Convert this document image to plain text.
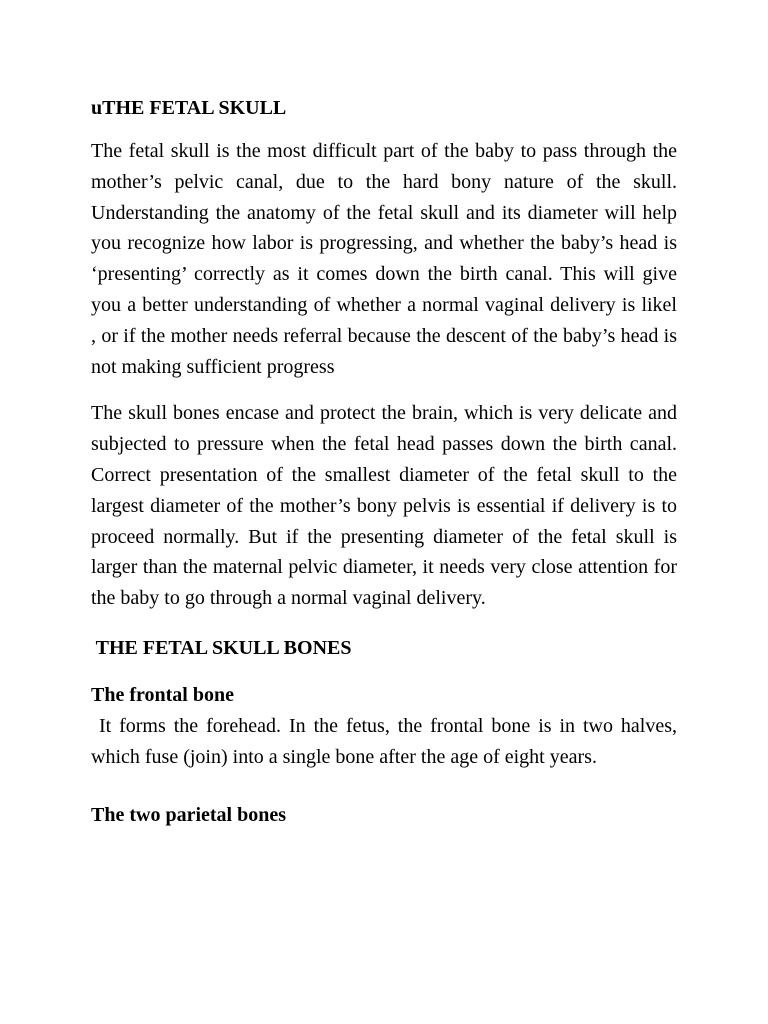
uTHE FETAL SKULL

The fetal skull is the most difficult part of the baby to pass through the mother’s pelvic canal, due to the hard bony nature of the skull. Understanding the anatomy of the fetal skull and its diameter will help you recognize how labor is progressing, and whether the baby’s head is ‘presenting’ correctly as it comes down the birth canal. This will give you a better understanding of whether a normal vaginal delivery is likel    , or if the mother needs referral because the descent of the baby’s head is not making sufficient progress

The skull bones encase and protect the brain, which is very delicate and subjected to pressure when the fetal head passes down the birth canal. Correct presentation of the smallest diameter of the fetal skull to the largest diameter of the mother’s bony pelvis is essential if delivery is to proceed normally. But if the presenting diameter of the fetal skull is larger than the maternal pelvic diameter, it needs very close attention for the baby to go through a normal vaginal delivery.

THE FETAL SKULL BONES

The frontal bone

It forms the forehead. In the fetus, the frontal bone is in two halves, which fuse (join) into a single bone after the age of eight years.

The two parietal bones
